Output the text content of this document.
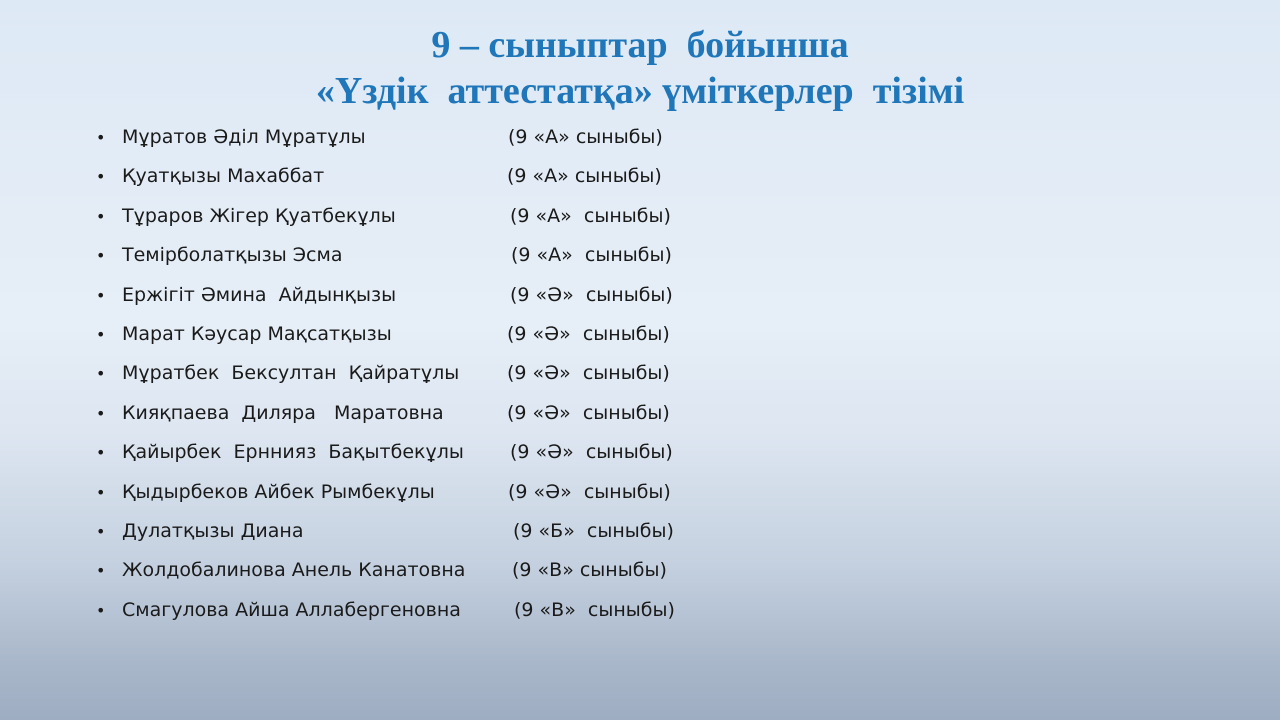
9 – сыныптар  бойынша
«Үздік  аттестатқа» үміткерлер  тізімі

•

Мұратов Әділ Мұратұлы

	(9 «А» сыныбы)

•

Қуатқызы Махаббат

	(9 «А» сыныбы)

•

Тұраров Жігер Қуатбекұлы

	(9 «А»  сыныбы)

•

Темірболатқызы Эсма

	(9 «А»  сыныбы)

•

Ержігіт Әмина  Айдынқызы

	(9 «Ә»  сыныбы)

•

Марат Кәусар Мақсатқызы

	(9 «Ә»  сыныбы)

•

Мұратбек  Бексултан  Қайратұлы

	(9 «Ә»  сыныбы)

•

Кияқпаева  Диляра   Маратовна

	(9 «Ә»  сыныбы)

•

Қайырбек  Ерннияз  Бақытбекұлы

(9 «Ә»  сыныбы)

•

Қыдырбеков Айбек Рымбекұлы

	(9 «Ә»  сыныбы)

•

Дулатқызы Диана

	(9 «Б»  сыныбы)

•

Жолдобалинова Анель Канатовна

(9 «В» сыныбы)

•

Смагулова Айша Аллабергеновна

	(9 «В»  сыныбы)
